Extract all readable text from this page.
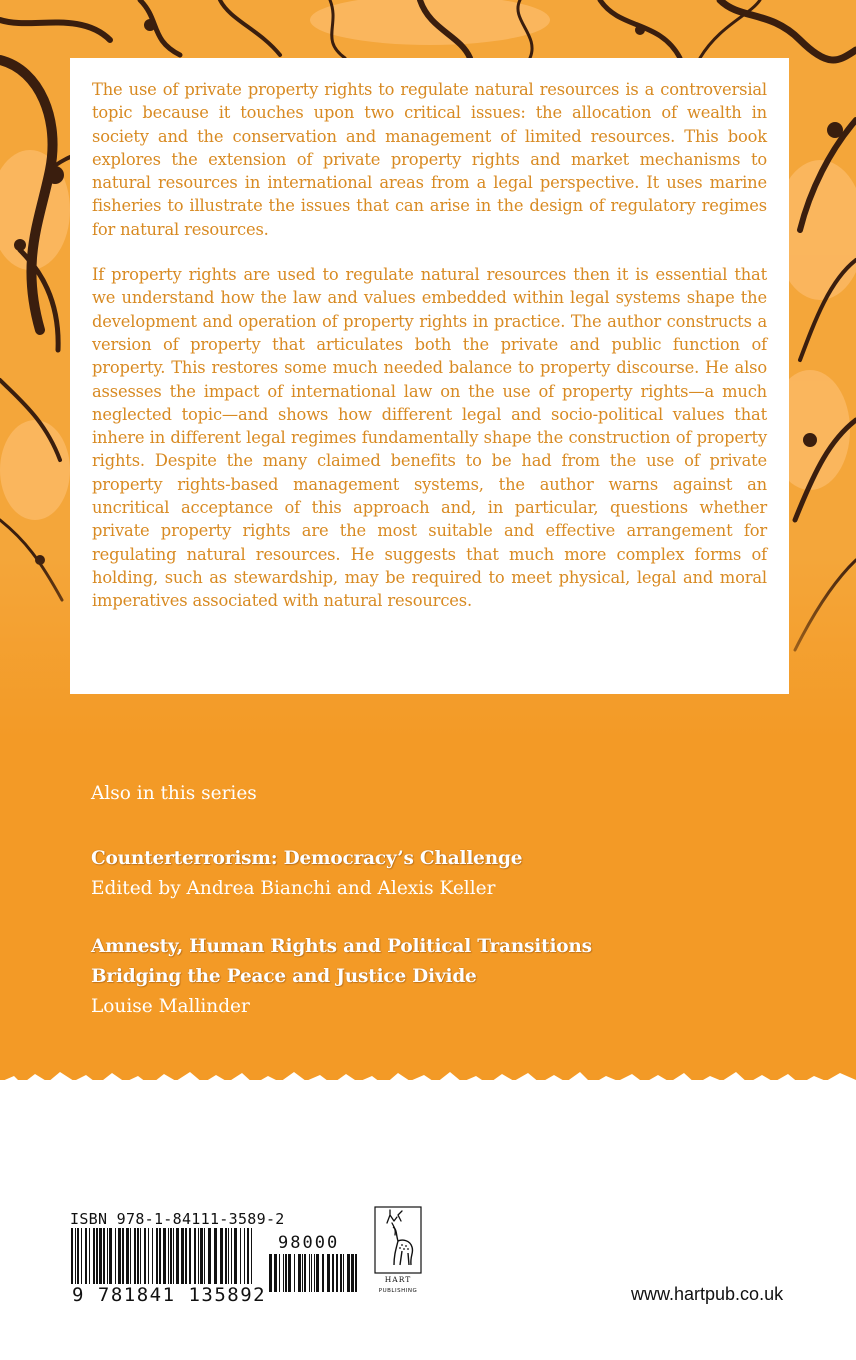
The use of private property rights to regulate natural resources is a controversial topic because it touches upon two critical issues: the allocation of wealth in society and the conservation and management of limited resources. This book explores the extension of private property rights and market mechanisms to natural resources in international areas from a legal perspective. It uses marine fisheries to illustrate the issues that can arise in the design of regulatory regimes for natural resources.

If property rights are used to regulate natural resources then it is essential that we understand how the law and values embedded within legal systems shape the development and operation of property rights in practice. The author constructs a version of property that articulates both the private and public function of property. This restores some much needed balance to property discourse. He also assesses the impact of international law on the use of property rights—a much neglected topic—and shows how different legal and socio-political values that inhere in different legal regimes fundamentally shape the construction of property rights. Despite the many claimed benefits to be had from the use of private property rights-based management systems, the author warns against an uncritical acceptance of this approach and, in particular, questions whether private property rights are the most suitable and effective arrangement for regulating natural resources. He suggests that much more complex forms of holding, such as stewardship, may be required to meet physical, legal and moral imperatives associated with natural resources.

Also in this series

Counterterrorism: Democracy’s Challenge

Edited by Andrea Bianchi and Alexis Keller

Amnesty, Human Rights and Political Transitions

Bridging the Peace and Justice Divide

Louise Mallinder

ISBN 978-1-84111-3589-2
9 781841 135892
98000
HART
PUBLISHING	www.hartpub.co.uk
